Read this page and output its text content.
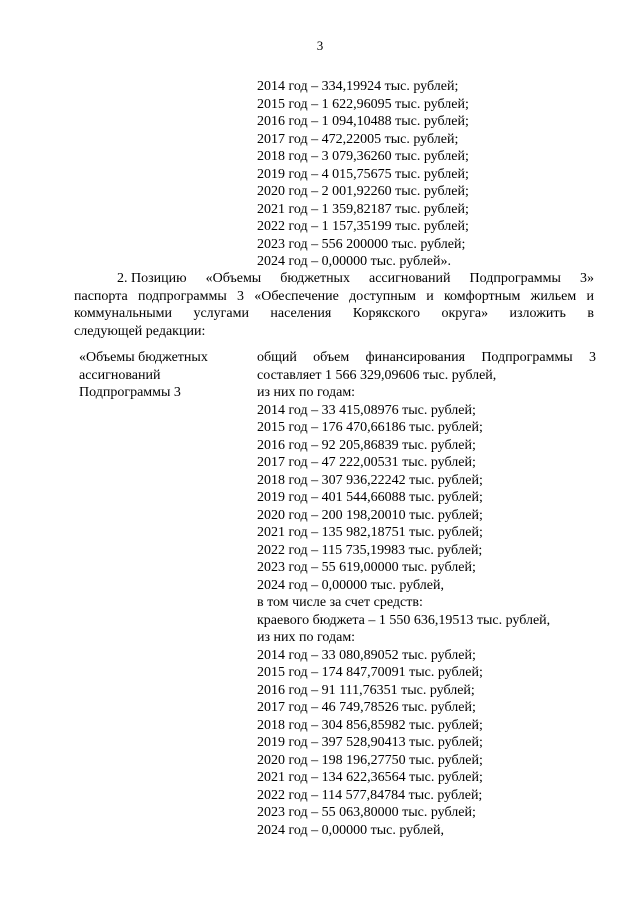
3
2014 год – 334,19924 тыс. рублей;
2015 год – 1 622,96095 тыс. рублей;
2016 год – 1 094,10488 тыс. рублей;
2017 год – 472,22005 тыс. рублей;
2018 год – 3 079,36260 тыс. рублей;
2019 год – 4 015,75675 тыс. рублей;
2020 год – 2 001,92260 тыс. рублей;
2021 год – 1 359,82187 тыс. рублей;
2022 год – 1 157,35199 тыс. рублей;
2023 год – 556 200000 тыс. рублей;
2024 год – 0,00000 тыс. рублей».
2. Позицию «Объемы бюджетных ассигнований Подпрограммы 3»
паспорта подпрограммы 3 «Обеспечение доступным и комфортным жильем и
коммунальными услугами населения Корякского округа» изложить в
следующей редакции:
«Объемы бюджетных
ассигнований
Подпрограммы 3
общий объем финансирования Подпрограммы 3
составляет 1 566 329,09606 тыс. рублей,
из них по годам:
2014 год – 33 415,08976 тыс. рублей;
2015 год – 176 470,66186 тыс. рублей;
2016 год – 92 205,86839 тыс. рублей;
2017 год – 47 222,00531 тыс. рублей;
2018 год – 307 936,22242 тыс. рублей;
2019 год – 401 544,66088 тыс. рублей;
2020 год – 200 198,20010 тыс. рублей;
2021 год – 135 982,18751 тыс. рублей;
2022 год – 115 735,19983 тыс. рублей;
2023 год – 55 619,00000 тыс. рублей;
2024 год – 0,00000 тыс. рублей,
в том числе за счет средств:
краевого бюджета – 1 550 636,19513 тыс. рублей,
из них по годам:
2014 год – 33 080,89052 тыс. рублей;
2015 год – 174 847,70091 тыс. рублей;
2016 год – 91 111,76351 тыс. рублей;
2017 год – 46 749,78526 тыс. рублей;
2018 год – 304 856,85982 тыс. рублей;
2019 год – 397 528,90413 тыс. рублей;
2020 год – 198 196,27750 тыс. рублей;
2021 год – 134 622,36564 тыс. рублей;
2022 год – 114 577,84784 тыс. рублей;
2023 год – 55 063,80000 тыс. рублей;
2024 год – 0,00000 тыс. рублей,
